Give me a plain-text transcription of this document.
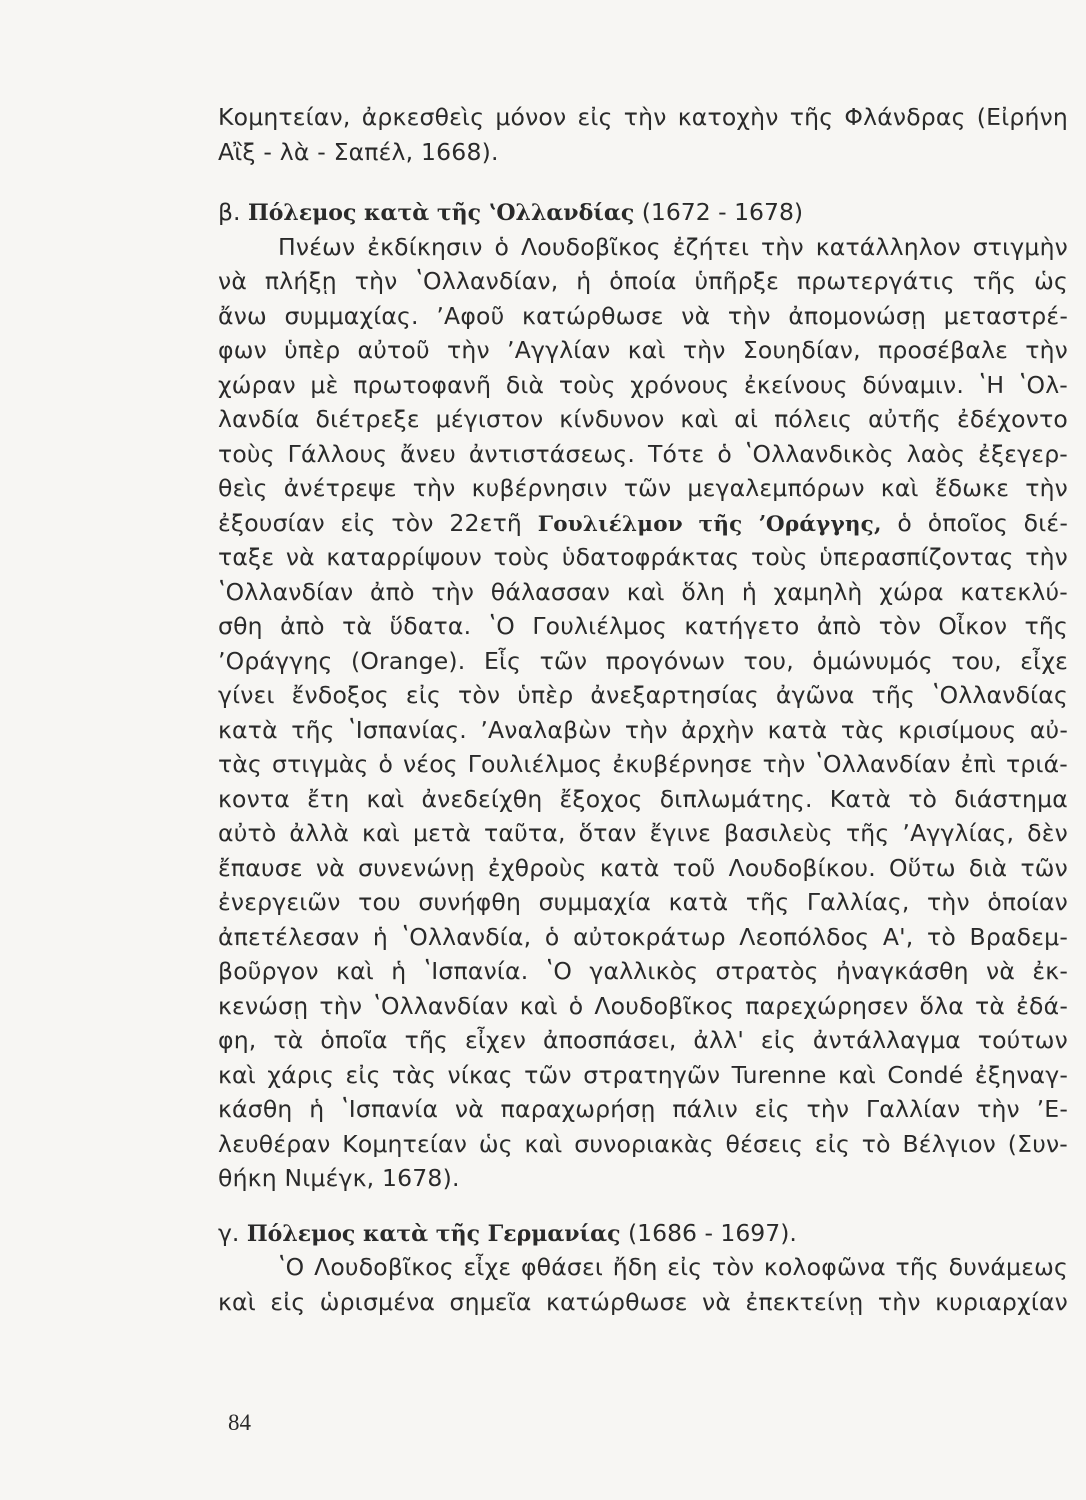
Κομητείαν, ἀρκεσθεὶς μόνον εἰς τὴν κατοχὴν τῆς Φλάνδρας (Εἰρήνη
Αἲξ - λὰ - Σαπέλ, 1668).
β. Πόλεμος κατὰ τῆς ʽΟλλανδίας (1672 - 1678)
Πνέων ἐκδίκησιν ὁ Λουδοβῖκος ἐζήτει τὴν κατάλληλον στιγμὴν
νὰ πλήξῃ τὴν ʽΟλλανδίαν, ἡ ὁποία ὑπῆρξε πρωτεργάτις τῆς ὡς
ἄνω συμμαχίας. ʼΑφοῦ κατώρθωσε νὰ τὴν ἀπομονώσῃ μεταστρέ-
φων ὑπὲρ αὐτοῦ τὴν ʼΑγγλίαν καὶ τὴν Σουηδίαν, προσέβαλε τὴν
χώραν μὲ πρωτοφανῆ διὰ τοὺς χρόνους ἐκείνους δύναμιν. ʽΗ ʽΟλ-
λανδία διέτρεξε μέγιστον κίνδυνον καὶ αἱ πόλεις αὐτῆς ἐδέχοντο
τοὺς Γάλλους ἄνευ ἀντιστάσεως. Τότε ὁ ʽΟλλανδικὸς λαὸς ἐξεγερ-
θεὶς ἀνέτρεψε τὴν κυβέρνησιν τῶν μεγαλεμπόρων καὶ ἔδωκε τὴν
ἐξουσίαν εἰς τὸν 22ετῆ Γουλιέλμον τῆς ʼΟράγγης, ὁ ὁποῖος διέ-
ταξε νὰ καταρρίψουν τοὺς ὑδατοφράκτας τοὺς ὑπερασπίζοντας τὴν
ʽΟλλανδίαν ἀπὸ τὴν θάλασσαν καὶ ὅλη ἡ χαμηλὴ χώρα κατεκλύ-
σθη ἀπὸ τὰ ὕδατα. ʽΟ Γουλιέλμος κατήγετο ἀπὸ τὸν Οἶκον τῆς
ʼΟράγγης (Orange). Εἷς τῶν προγόνων του, ὁμώνυμός του, εἶχε
γίνει ἔνδοξος εἰς τὸν ὑπὲρ ἀνεξαρτησίας ἀγῶνα τῆς ʽΟλλανδίας
κατὰ τῆς ʽΙσπανίας. ʼΑναλαβὼν τὴν ἀρχὴν κατὰ τὰς κρισίμους αὐ-
τὰς στιγμὰς ὁ νέος Γουλιέλμος ἐκυβέρνησε τὴν ʽΟλλανδίαν ἐπὶ τριά-
κοντα ἔτη καὶ ἀνεδείχθη ἔξοχος διπλωμάτης. Κατὰ τὸ διάστημα
αὐτὸ ἀλλὰ καὶ μετὰ ταῦτα, ὅταν ἔγινε βασιλεὺς τῆς ʼΑγγλίας, δὲν
ἔπαυσε νὰ συνενώνῃ ἐχθροὺς κατὰ τοῦ Λουδοβίκου. Οὕτω διὰ τῶν
ἐνεργειῶν του συνήφθη συμμαχία κατὰ τῆς Γαλλίας, τὴν ὁποίαν
ἀπετέλεσαν ἡ ʽΟλλανδία, ὁ αὐτοκράτωρ Λεοπόλδος Α', τὸ Βραδεμ-
βοῦργον καὶ ἡ ʽΙσπανία. ʽΟ γαλλικὸς στρατὸς ἠναγκάσθη νὰ ἐκ-
κενώσῃ τὴν ʽΟλλανδίαν καὶ ὁ Λουδοβῖκος παρεχώρησεν ὅλα τὰ ἐδά-
φη, τὰ ὁποῖα τῆς εἶχεν ἀποσπάσει, ἀλλ' εἰς ἀντάλλαγμα τούτων
καὶ χάρις εἰς τὰς νίκας τῶν στρατηγῶν Turenne καὶ Condé ἐξηναγ-
κάσθη ἡ ʽΙσπανία νὰ παραχωρήσῃ πάλιν εἰς τὴν Γαλλίαν τὴν ʼΕ-
λευθέραν Κομητείαν ὡς καὶ συνοριακὰς θέσεις εἰς τὸ Βέλγιον (Συν-
θήκη Νιμέγκ, 1678).
γ. Πόλεμος κατὰ τῆς Γερμανίας (1686 - 1697).
ʽΟ Λουδοβῖκος εἶχε φθάσει ἤδη εἰς τὸν κολοφῶνα τῆς δυνάμεως
καὶ εἰς ὡρισμένα σημεῖα κατώρθωσε νὰ ἐπεκτείνῃ τὴν κυριαρχίαν
84
